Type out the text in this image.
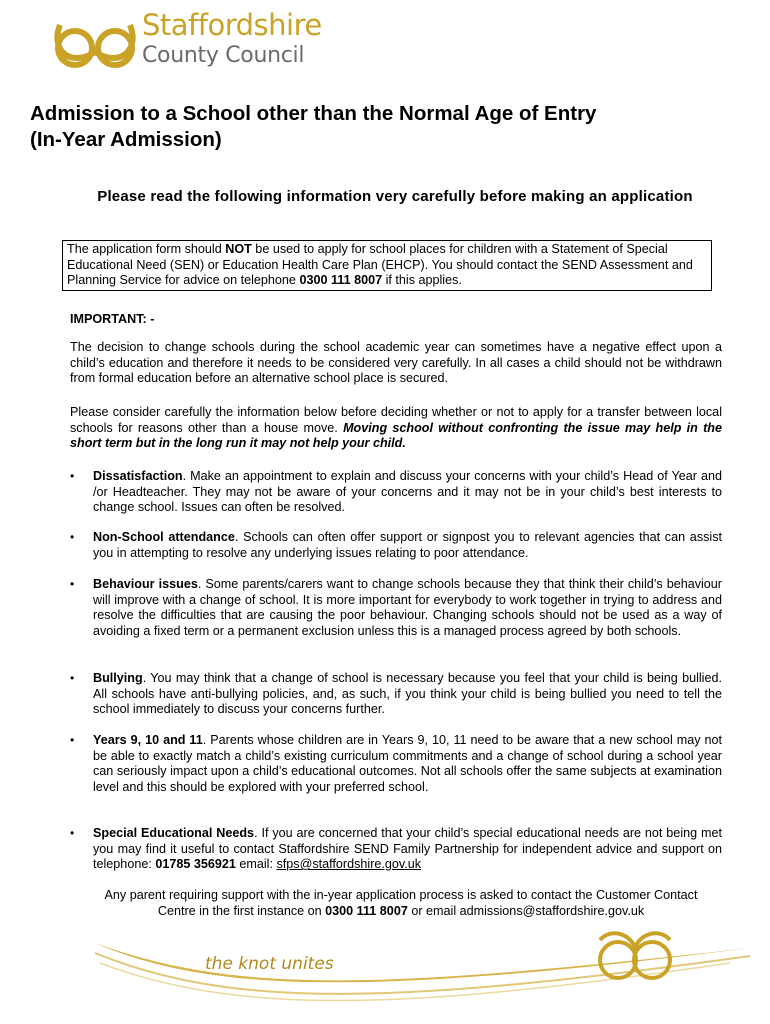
Staffordshire
County Council
Admission to a School other than the Normal Age of Entry
(In-Year Admission)
Please read the following information very carefully before making an application
The application form should NOT be used to apply for school places for children with a Statement of Special Educational Need (SEN) or Education Health Care Plan (EHCP). You should contact the SEND Assessment and Planning Service for advice on telephone 0300 111 8007 if this applies.
IMPORTANT: -
The decision to change schools during the school academic year can sometimes have a negative effect upon a child’s education and therefore it needs to be considered very carefully. In all cases a child should not be withdrawn from formal education before an alternative school place is secured.
Please consider carefully the information below before deciding whether or not to apply for a transfer between local schools for reasons other than a house move. Moving school without confronting the issue may help in the short term but in the long run it may not help your child.
• Dissatisfaction. Make an appointment to explain and discuss your concerns with your child’s Head of Year and /or Headteacher. They may not be aware of your concerns and it may not be in your child’s best interests to change school. Issues can often be resolved.
• Non-School attendance. Schools can often offer support or signpost you to relevant agencies that can assist you in attempting to resolve any underlying issues relating to poor attendance.
• Behaviour issues. Some parents/carers want to change schools because they that think their child’s behaviour will improve with a change of school. It is more important for everybody to work together in trying to address and resolve the difficulties that are causing the poor behaviour. Changing schools should not be used as a way of avoiding a fixed term or a permanent exclusion unless this is a managed process agreed by both schools.
• Bullying. You may think that a change of school is necessary because you feel that your child is being bullied. All schools have anti-bullying policies, and, as such, if you think your child is being bullied you need to tell the school immediately to discuss your concerns further.
• Years 9, 10 and 11. Parents whose children are in Years 9, 10, 11 need to be aware that a new school may not be able to exactly match a child’s existing curriculum commitments and a change of school during a school year can seriously impact upon a child’s educational outcomes. Not all schools offer the same subjects at examination level and this should be explored with your preferred school.
• Special Educational Needs. If you are concerned that your child’s special educational needs are not being met you may find it useful to contact Staffordshire SEND Family Partnership for independent advice and support on telephone: 01785 356921 email: sfps@staffordshire.gov.uk
Any parent requiring support with the in-year application process is asked to contact the Customer Contact Centre in the first instance on 0300 111 8007 or email admissions@staffordshire.gov.uk
the knot unites
